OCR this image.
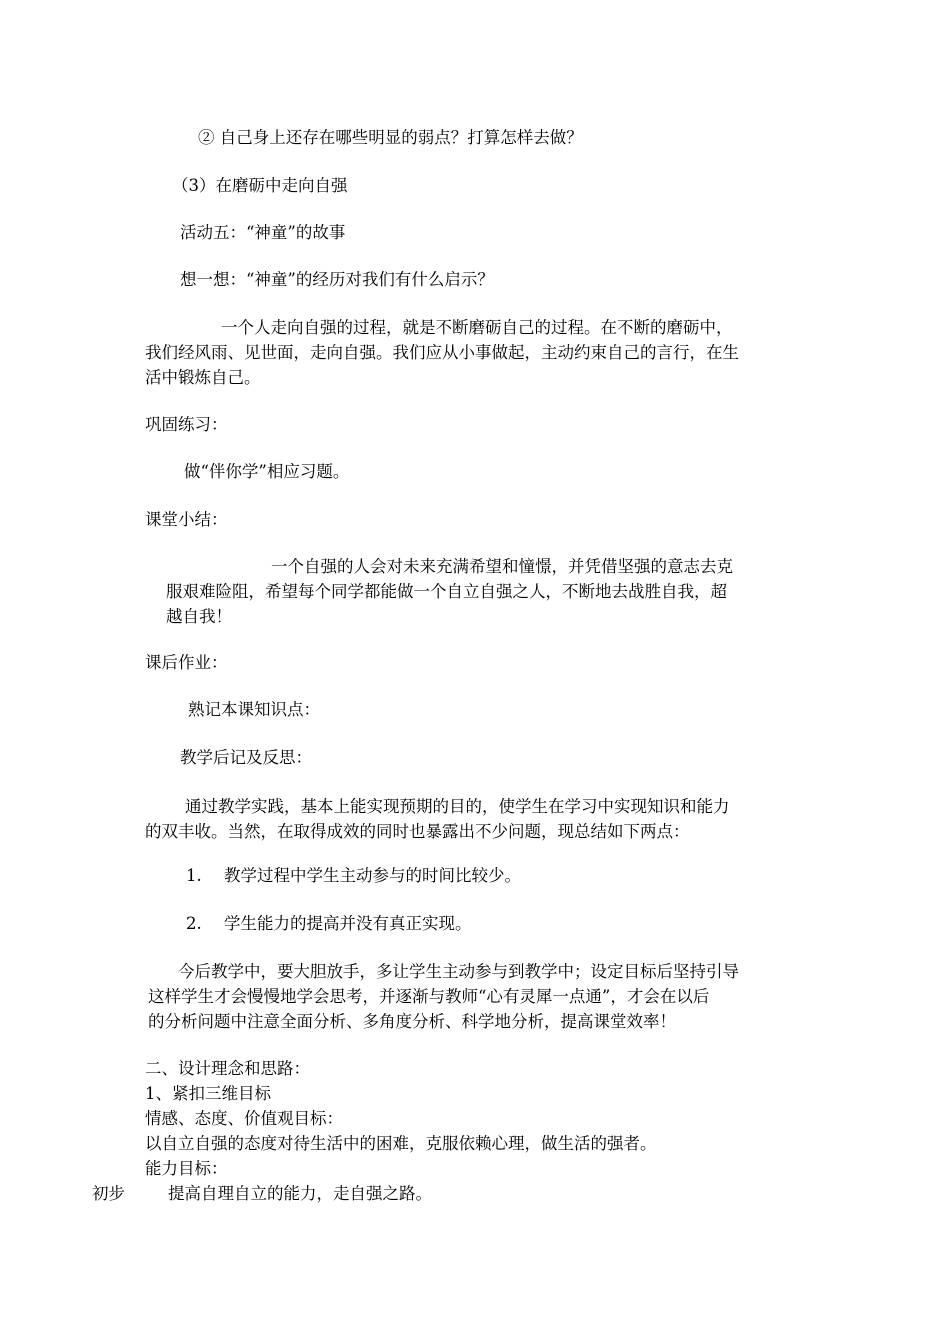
② 自己身上还存在哪些明显的弱点？打算怎样去做？
（3）在磨砺中走向自强
活动五：“神童”的故事
想一想：“神童”的经历对我们有什么启示？
一个人走向自强的过程，就是不断磨砺自己的过程。在不断的磨砺中，
我们经风雨、见世面，走向自强。我们应从小事做起，主动约束自己的言行，在生
活中锻炼自己。
巩固练习：
做“伴你学”相应习题。
课堂小结：
一个自强的人会对未来充满希望和憧憬，并凭借坚强的意志去克
服艰难险阻，希望每个同学都能做一个自立自强之人，不断地去战胜自我，超
越自我！
课后作业：
熟记本课知识点：
教学后记及反思：
通过教学实践，基本上能实现预期的目的，使学生在学习中实现知识和能力
的双丰收。当然，在取得成效的同时也暴露出不少问题，现总结如下两点：
1. 教学过程中学生主动参与的时间比较少。
2. 学生能力的提高并没有真正实现。
今后教学中，要大胆放手，多让学生主动参与到教学中；设定目标后坚持引导
这样学生才会慢慢地学会思考，并逐渐与教师“心有灵犀一点通”，才会在以后
的分析问题中注意全面分析、多角度分析、科学地分析，提高课堂效率！
二、设计理念和思路：
1、紧扣三维目标
情感、态度、价值观目标：
以自立自强的态度对待生活中的困难，克服依赖心理，做生活的强者。
能力目标：
初步	提高自理自立的能力，走自强之路。
